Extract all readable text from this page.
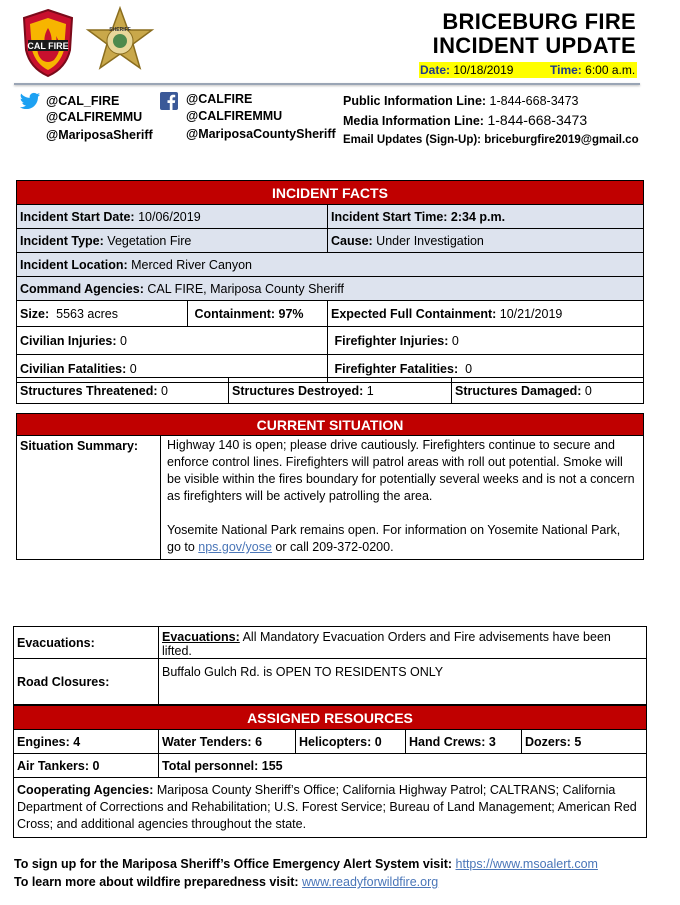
CAL FIRE
SHERIFF	BRICEBURG FIRE
INCIDENT UPDATE
Date: 10/18/2019	Time: 6:00 a.m.
@CAL_FIRE
@CALFIREMMU
@MariposaSheriff
@CALFIRE
@CALFIREMMU
@MariposaCountySheriff
Public Information Line: 1-844-668-3473
Media Information Line: 1-844-668-3473
Email Updates (Sign-Up): briceburgfire2019@gmail.co
INCIDENT FACTS		
Incident Start Date: 10/06/2019		Incident Start Time: 2:34 p.m.
Incident Type: Vegetation Fire		Cause: Under Investigation
Incident Location: Merced River Canyon		
Command Agencies: CAL FIRE, Mariposa County Sheriff		
Size: 5563 acres	Containment: 97%	Expected Full Containment: 10/21/2019
Civilian Injuries: 0		Firefighter Injuries: 0
Civilian Fatalities: 0		Firefighter Fatalities: 0
Structures Threatened: 0	Structures Destroyed: 1	Structures Damaged: 0
CURRENT SITUATION
Situation Summary:	Highway 140 is open; please drive cautiously. Firefighters continue to secure and enforce control lines. Firefighters will patrol areas with roll out potential. Smoke will be visible within the fires boundary for potentially several weeks and is not a concern as firefighters will be actively patrolling the area.
Yosemite National Park remains open. For information on Yosemite National Park, go to nps.gov/yose or call 209-372-0200.
Evacuations:	Evacuations: All Mandatory Evacuation Orders and Fire advisements have been lifted.
Road Closures:	Buffalo Gulch Rd. is OPEN TO RESIDENTS ONLY
ASSIGNED RESOURCES				
Engines: 4	Water Tenders: 6	Helicopters: 0	Hand Crews: 3	Dozers: 5
Air Tankers: 0	Total personnel: 155			
Cooperating Agencies: Mariposa County Sheriff’s Office; California Highway Patrol; CALTRANS; California Department of Corrections and Rehabilitation; U.S. Forest Service; Bureau of Land Management; American Red Cross; and additional agencies throughout the state.				
To sign up for the Mariposa Sheriff’s Office Emergency Alert System visit: https://www.msoalert.com
To learn more about wildfire preparedness visit: www.readyforwildfire.org
